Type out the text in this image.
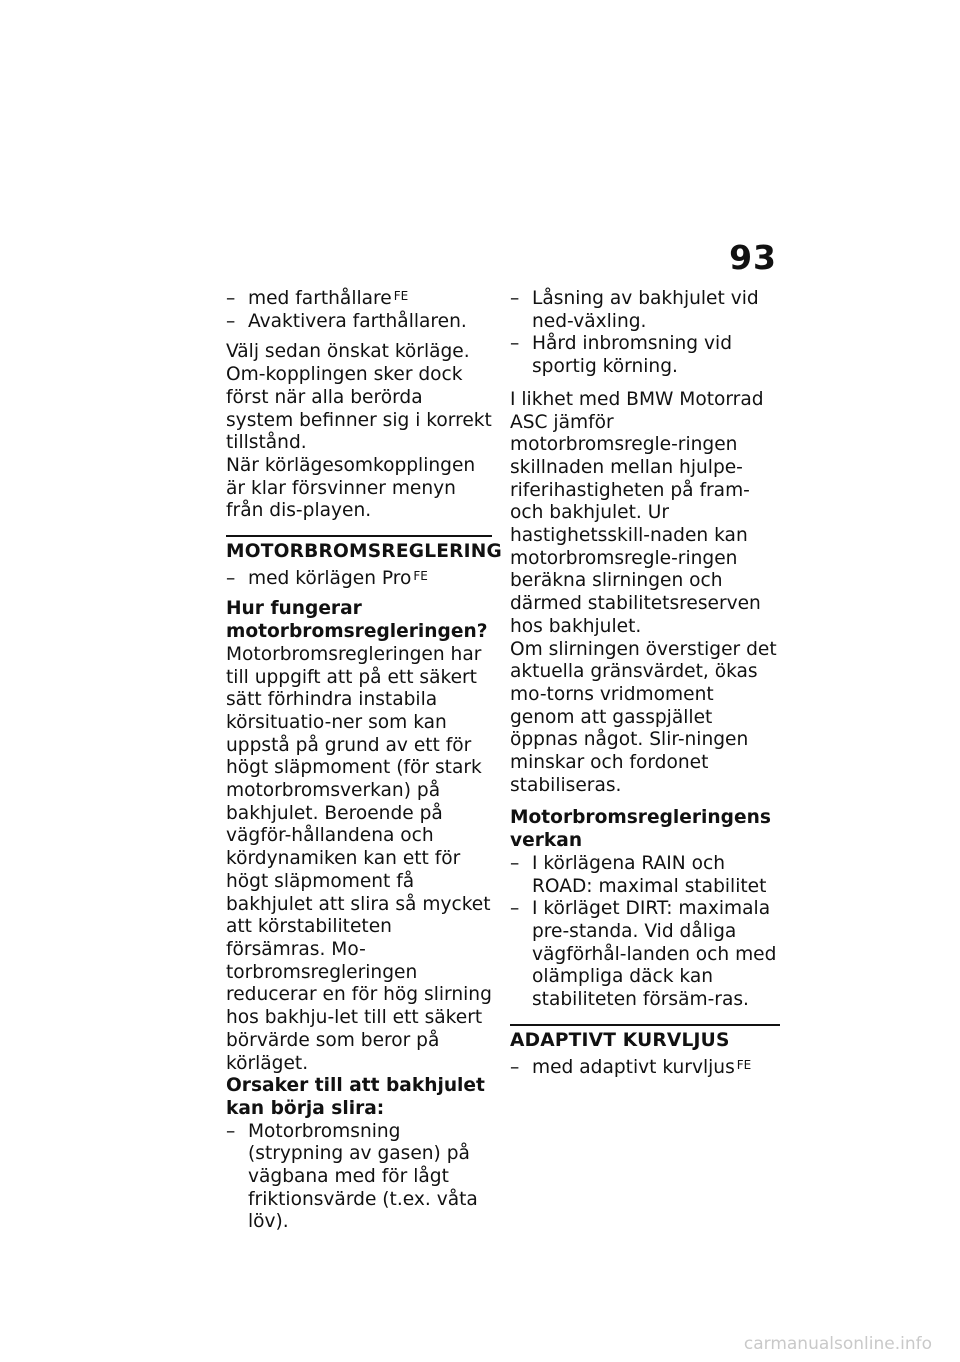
93
– med farthållare $^{FE}$
– Avaktivera farthållaren.
Välj sedan önskat körläge. Om-kopplingen sker dock först när alla berörda system befinner sig i korrekt tillstånd.
När körlägesomkopplingen är klar försvinner menyn från dis-playen.
MOTORBROMSREGLERING
– med körlägen Pro $^{FE}$
Hur fungerar motorbromsregleringen?
Motorbromsregleringen har till uppgift att på ett säkert sätt förhindra instabila körsituatio-ner som kan uppstå på grund av ett för högt släpmoment (för stark motorbromsverkan) på bakhjulet. Beroende på vägför-hållandena och kördynamiken kan ett för högt släpmoment få bakhjulet att slira så mycket att körstabiliteten försämras. Mo-torbromsregleringen reducerar en för hög slirning hos bakhju-let till ett säkert börvärde som beror på körläget.
Orsaker till att bakhjulet kan börja slira:
– Motorbromsning (strypning av gasen) på vägbana med för lågt friktionsvärde (t.ex. våta löv).
– Låsning av bakhjulet vid ned-växling.
– Hård inbromsning vid sportig körning.
I likhet med BMW Motorrad ASC jämför motorbromsregle-ringen skillnaden mellan hjulpe-riferihastigheten på fram- och bakhjulet. Ur hastighetsskill-naden kan motorbromsregle-ringen beräkna slirningen och därmed stabilitetsreserven hos bakhjulet.
Om slirningen överstiger det aktuella gränsvärdet, ökas mo-torns vridmoment genom att gasspjället öppnas något. Slir-ningen minskar och fordonet stabiliseras.
Motorbromsregleringens verkan
– I körlägena RAIN och ROAD: maximal stabilitet
– I körläget DIRT: maximala pre-standa. Vid dåliga vägförhål-landen och med olämpliga däck kan stabiliteten försäm-ras.
ADAPTIVT KURVLJUS
– med adaptivt kurvljus $^{FE}$
carmanualsonline.info
